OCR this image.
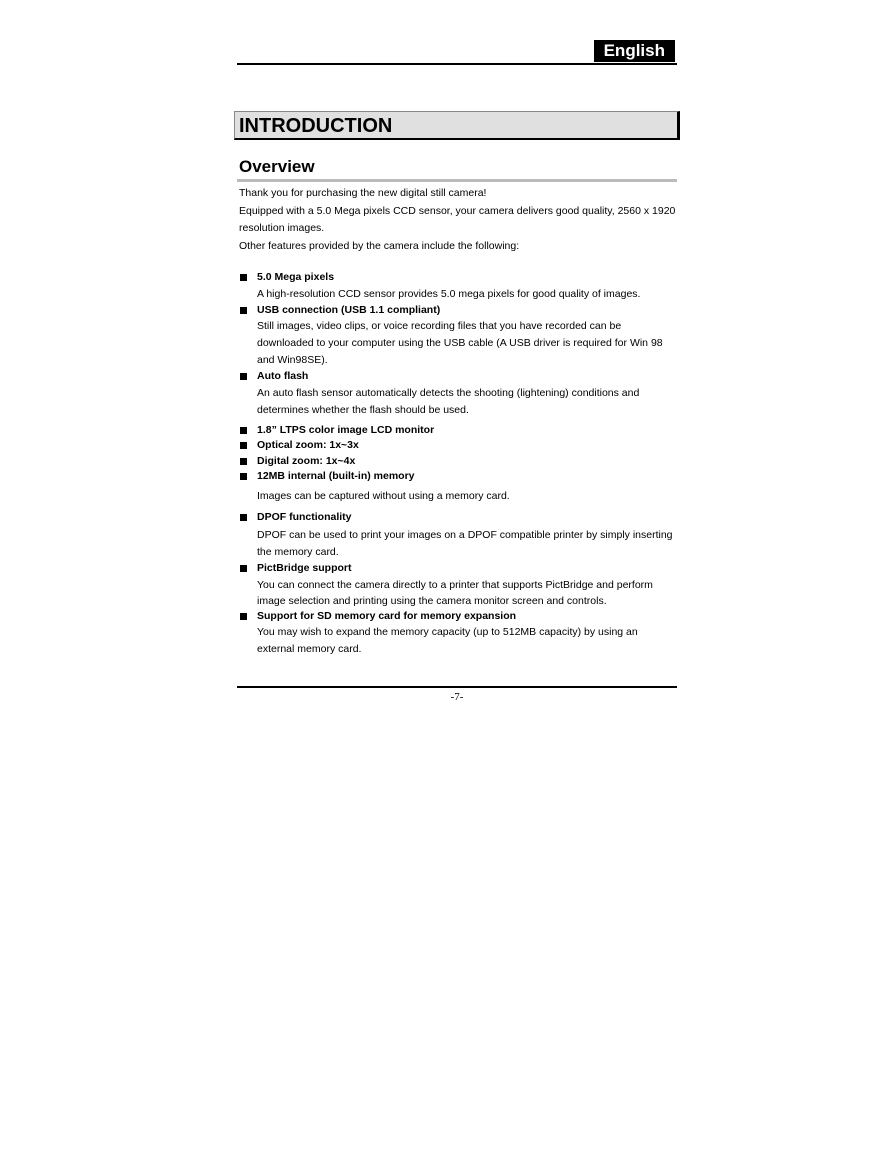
English
INTRODUCTION
Overview

Thank you for purchasing the new digital still camera!

Equipped with a 5.0 Mega pixels CCD sensor, your camera delivers good quality, 2560 x 1920 resolution images.

Other features provided by the camera include the following:

5.0 Mega pixels
A high-resolution CCD sensor provides 5.0 mega pixels for good quality of images.
USB connection (USB 1.1 compliant)
Still images, video clips, or voice recording files that you have recorded can be downloaded to your computer using the USB cable (A USB driver is required for Win 98 and Win98SE).
Auto flash
An auto flash sensor automatically detects the shooting (lightening) conditions and determines whether the flash should be used.
1.8” LTPS color image LCD monitor
Optical zoom: 1x~3x
Digital zoom: 1x~4x
12MB internal (built-in) memory
Images can be captured without using a memory card.
DPOF functionality
DPOF can be used to print your images on a DPOF compatible printer by simply inserting the memory card.
PictBridge support
You can connect the camera directly to a printer that supports PictBridge and perform image selection and printing using the camera monitor screen and controls.
Support for SD memory card for memory expansion
You may wish to expand the memory capacity (up to 512MB capacity) by using an external memory card.
-7-
